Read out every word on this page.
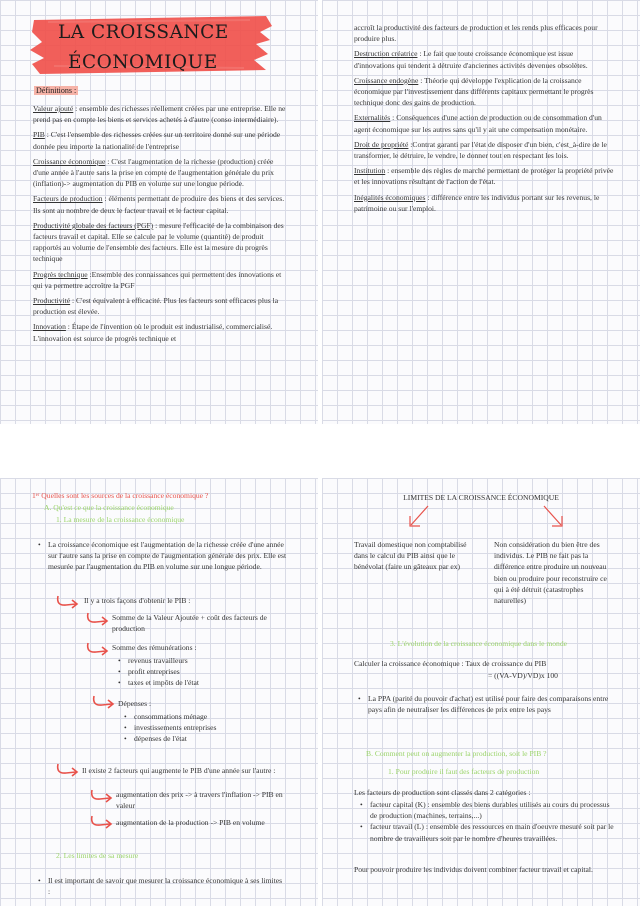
LA CROISSANCE
ÉCONOMIQUE
Définitions :

Valeur ajouté : ensemble des richesses réellement créées par une entreprise. Elle ne prend pas en compte les biens et services achetés à d'autre (conso intermédiaire).

PIB : C'est l'ensemble des richesses créées sur un territoire donné sur une période donnée peu importe la nationalité de l'entreprise

Croissance économique : C'est l'augmentation de la richesse (production) créée d'une année à l'autre sans la prise en compte de l'augmentation générale du prix (inflation)-> augmentation du PIB en volume sur une longue période.

Facteurs de production : éléments permettant de produire des biens et des services. Ils sont au nombre de deux le facteur travail et le facteur capital.

Productivité globale des facteurs (PGF) : mesure l'efficacité de la combinaison des facteurs travail et capital. Elle se calcule par le volume (quantité) de produit rapportés au volume de l'ensemble des facteurs. Elle est la mesure du progrès technique

Progrès technique :Ensemble des connaissances qui permettent des innovations et qui va permettre accroître la PGF

Productivité : C'est équivalent à efficacité. Plus les facteurs sont efficaces plus la production est élevée.

Innovation : Étape de l'invention où le produit est industrialisé, commercialisé. L'innovation est source de progrès technique et

accroît la productivité des facteurs de production et les rends plus efficaces pour produire plus.

Destruction créatrice : Le fait que toute croissance économique est issue d'innovations qui tendent à détruire d'anciennes activités devenues obsolètes.

Croissance endogène : Théorie qui développe l'explication de la croissance économique par l'investissement dans différents capitaux permettant le progrès technique donc des gains de production.

Externalités : Conséquences d'une action de production ou de consommation d'un agent économique sur les autres sans qu'il y ait une compensation monétaire.

Droit de propriété :Contrat garanti par l'état de disposer d'un bien, c'est_à-dire de le transformer, le détruire, le vendre, le donner tout en respectant les lois.

Institution : ensemble des règles de marché permettant de protéger la propriété privée et les innovations résultant de l'action de l'état.

Inégalités économiques : différence entre les individus portant sur les revenus, le patrimoine ou sur l'emploi.

1ᵉʳ Quelles sont les sources de la croissance économique ?
A. Qu'est ce que la croissance économique
1. La mesure de la croissance économique
• La croissance économique est l'augmentation de la richesse créée d'une année sur l'autre sans la prise en compte de l'augmentation générale des prix. Elle est mesurée par l'augmentation du PIB en volume sur une longue période.
Il y a trois façons d'obtenir le PIB :
Somme de la Valeur Ajoutée + coût des facteurs de production
Somme des rémunérations :
• revenus travailleurs
• profit entreprises
• taxes et impôts de l'état
Dépenses :
• consommations ménage
• investissements entreprises
• dépenses de l'état
Il existe 2 facteurs qui augmente le PIB d'une année sur l'autre :
augmentation des prix -> à travers l'inflation -> PIB en valeur
augmentation de la production -> PIB en volume
2. Les limites de sa mesure
• Il est important de savoir que mesurer la croissance économique à ses limites :
LIMITES DE LA CROISSANCE ÉCONOMIQUE
Travail domestique non comptabilisé dans le calcul du PIB ainsi que le bénévolat (faire un gâteaux par ex)
Non considération du bien être des individus. Le PIB ne fait pas la différence entre produire un nouveau bien ou produire pour reconstruire ce qui à été détruit (catastrophes naturelles)
3. L'évolution de la croissance économique dans le monde
Calculer la croissance économique : Taux de croissance du PIB
= ((VA-VD)/VD)x 100
• La PPA (parité du pouvoir d'achat) est utilisé pour faire des comparaisons entre pays afin de neutraliser les différences de prix entre les pays
B. Comment peut on augmenter la production, soit le PIB ?
1. Pour produire il faut des facteurs de production
Les facteurs de production sont classés dans 2 catégories :
• facteur capital (K) : ensemble des biens durables utilisés au cours du processus de production (machines, terrains,...)
• facteur travail (L) : ensemble des ressources en main d'oeuvre mesuré soit par le nombre de travailleurs soit par le nombre d'heures travaillées.
Pour pouvoir produire les individus doivent combiner facteur travail et capital.
